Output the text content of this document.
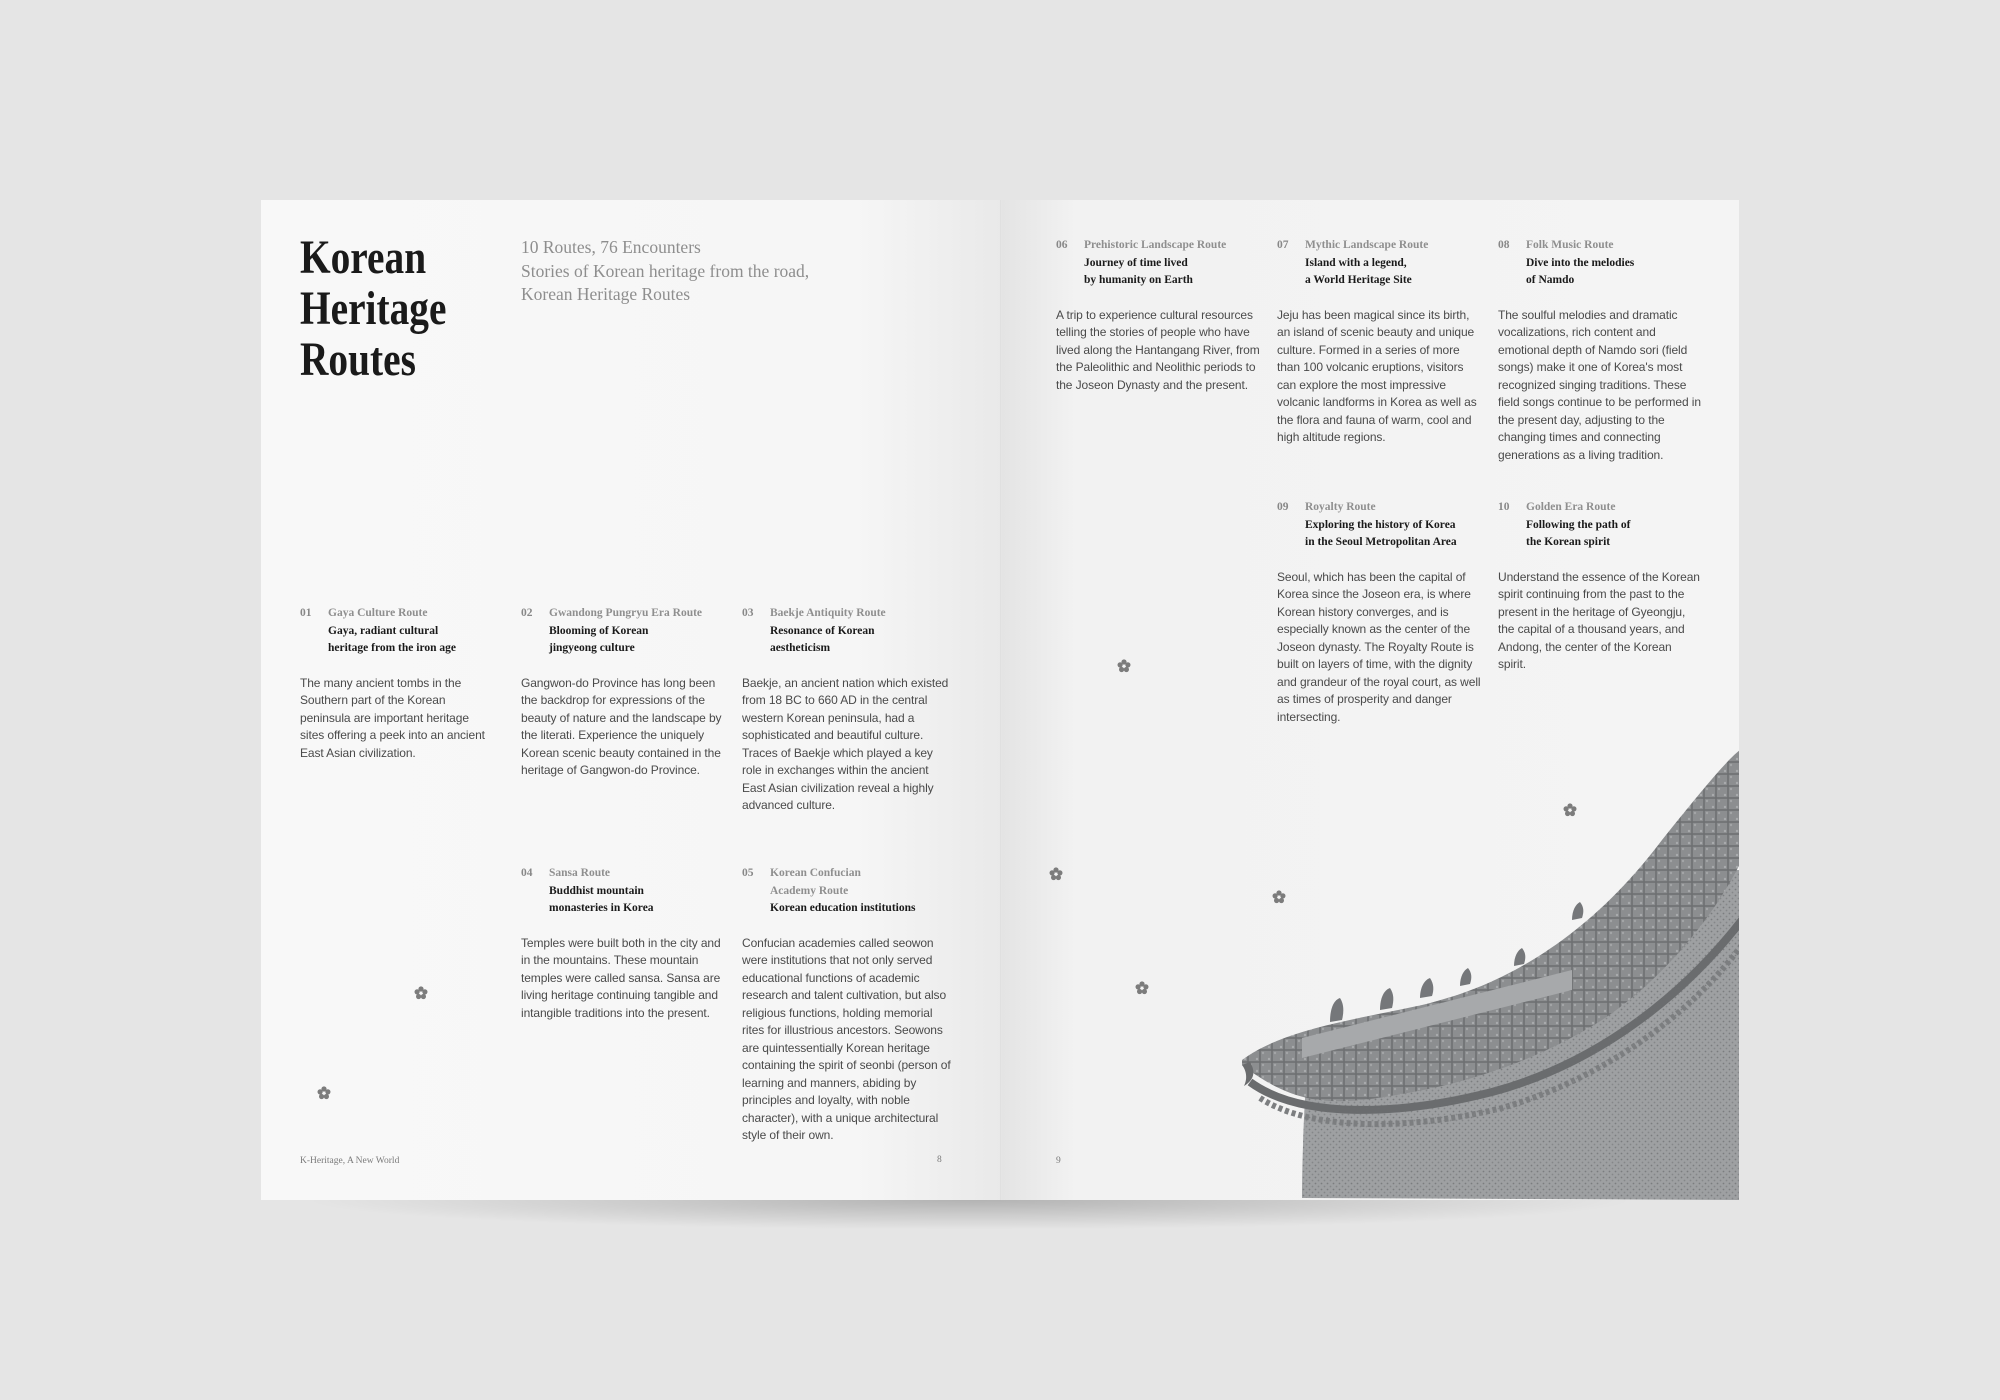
Korean
Heritage
Routes
10 Routes, 76 Encounters
Stories of Korean heritage from the road,
Korean Heritage Routes
01 Gaya Culture Route
Gaya, radiant cultural
heritage from the iron age
The many ancient tombs in the Southern part of the Korean peninsula are important heritage sites offering a peek into an ancient East Asian civilization.
02 Gwandong Pungryu Era Route
Blooming of Korean
jingyeong culture
Gangwon-do Province has long been the backdrop for expressions of the beauty of nature and the landscape by the literati. Experience the uniquely Korean scenic beauty contained in the heritage of Gangwon-do Province.
03 Baekje Antiquity Route
Resonance of Korean
aestheticism
Baekje, an ancient nation which existed from 18 BC to 660 AD in the central western Korean peninsula, had a sophisticated and beautiful culture. Traces of Baekje which played a key role in exchanges within the ancient East Asian civilization reveal a highly advanced culture.
04 Sansa Route
Buddhist mountain
monasteries in Korea
Temples were built both in the city and in the mountains. These mountain temples were called sansa. Sansa are living heritage continuing tangible and intangible traditions into the present.
05 Korean Confucian Academy Route
Korean education institutions
Confucian academies called seowon were institutions that not only served educational functions of academic research and talent cultivation, but also religious functions, holding memorial rites for illustrious ancestors. Seowons are quintessentially Korean heritage containing the spirit of seonbi (person of learning and manners, abiding by principles and loyalty, with noble character), with a unique architectural style of their own.
K-Heritage, A New World	8
06 Prehistoric Landscape Route
Journey of time lived
by humanity on Earth
A trip to experience cultural resources telling the stories of people who have lived along the Hantangang River, from the Paleolithic and Neolithic periods to the Joseon Dynasty and the present.
07 Mythic Landscape Route
Island with a legend,
a World Heritage Site
Jeju has been magical since its birth, an island of scenic beauty and unique culture. Formed in a series of more than 100 volcanic eruptions, visitors can explore the most impressive volcanic landforms in Korea as well as the flora and fauna of warm, cool and high altitude regions.
08 Folk Music Route
Dive into the melodies
of Namdo
The soulful melodies and dramatic vocalizations, rich content and emotional depth of Namdo sori (field songs) make it one of Korea's most recognized singing traditions. These field songs continue to be performed in the present day, adjusting to the changing times and connecting generations as a living tradition.
09 Royalty Route
Exploring the history of Korea
in the Seoul Metropolitan Area
Seoul, which has been the capital of Korea since the Joseon era, is where Korean history converges, and is especially known as the center of the Joseon dynasty. The Royalty Route is built on layers of time, with the dignity and grandeur of the royal court, as well as times of prosperity and danger intersecting.
10 Golden Era Route
Following the path of
the Korean spirit
Understand the essence of the Korean spirit continuing from the past to the present in the heritage of Gyeongju, the capital of a thousand years, and Andong, the center of the Korean spirit.
9
